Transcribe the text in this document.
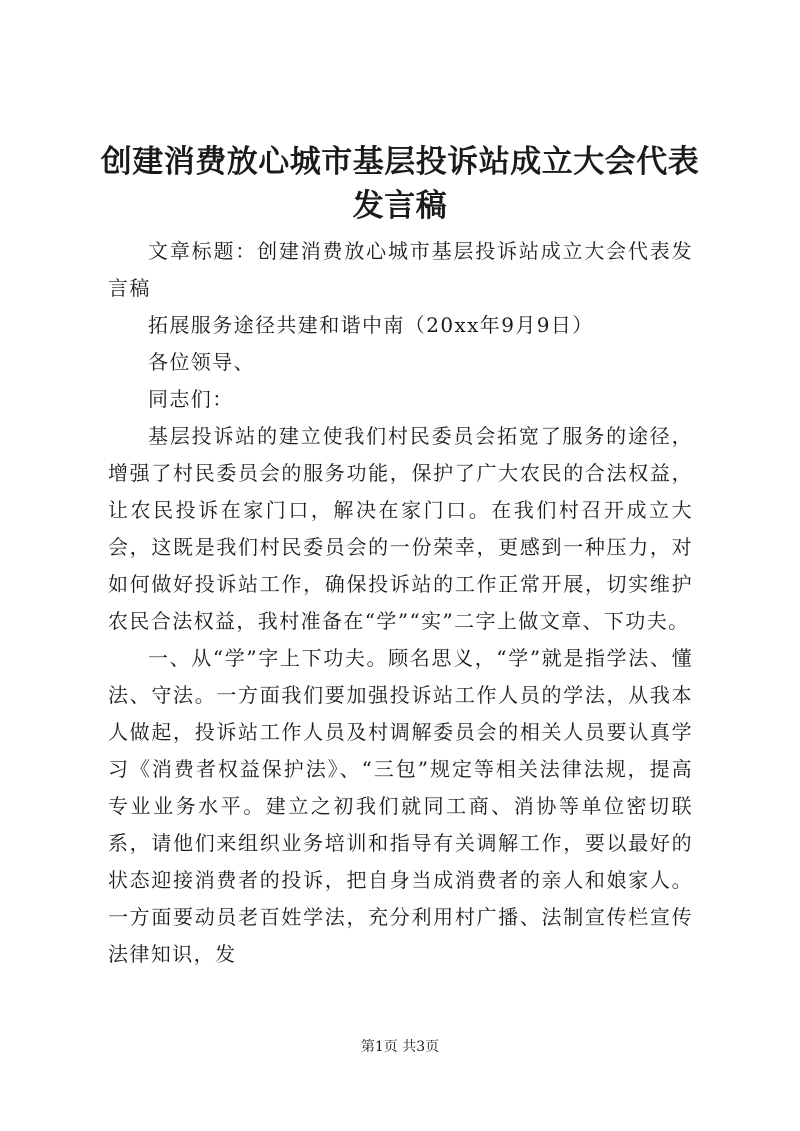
创建消费放心城市基层投诉站成立大会代表发言稿

文章标题：创建消费放心城市基层投诉站成立大会代表发言稿

拓展服务途径共建和谐中南（20xx年9月9日）

各位领导、

同志们：

基层投诉站的建立使我们村民委员会拓宽了服务的途径，增强了村民委员会的服务功能，保护了广大农民的合法权益，让农民投诉在家门口，解决在家门口。在我们村召开成立大会，这既是我们村民委员会的一份荣幸，更感到一种压力，对如何做好投诉站工作，确保投诉站的工作正常开展，切实维护农民合法权益，我村准备在“学”“实”二字上做文章、下功夫。

一、从“学”字上下功夫。顾名思义，“学”就是指学法、懂法、守法。一方面我们要加强投诉站工作人员的学法，从我本人做起，投诉站工作人员及村调解委员会的相关人员要认真学习《消费者权益保护法》、“三包”规定等相关法律法规，提高专业业务水平。建立之初我们就同工商、消协等单位密切联系，请他们来组织业务培训和指导有关调解工作，要以最好的状态迎接消费者的投诉，把自身当成消费者的亲人和娘家人。一方面要动员老百姓学法，充分利用村广播、法制宣传栏宣传法律知识，发

第1页 共3页
